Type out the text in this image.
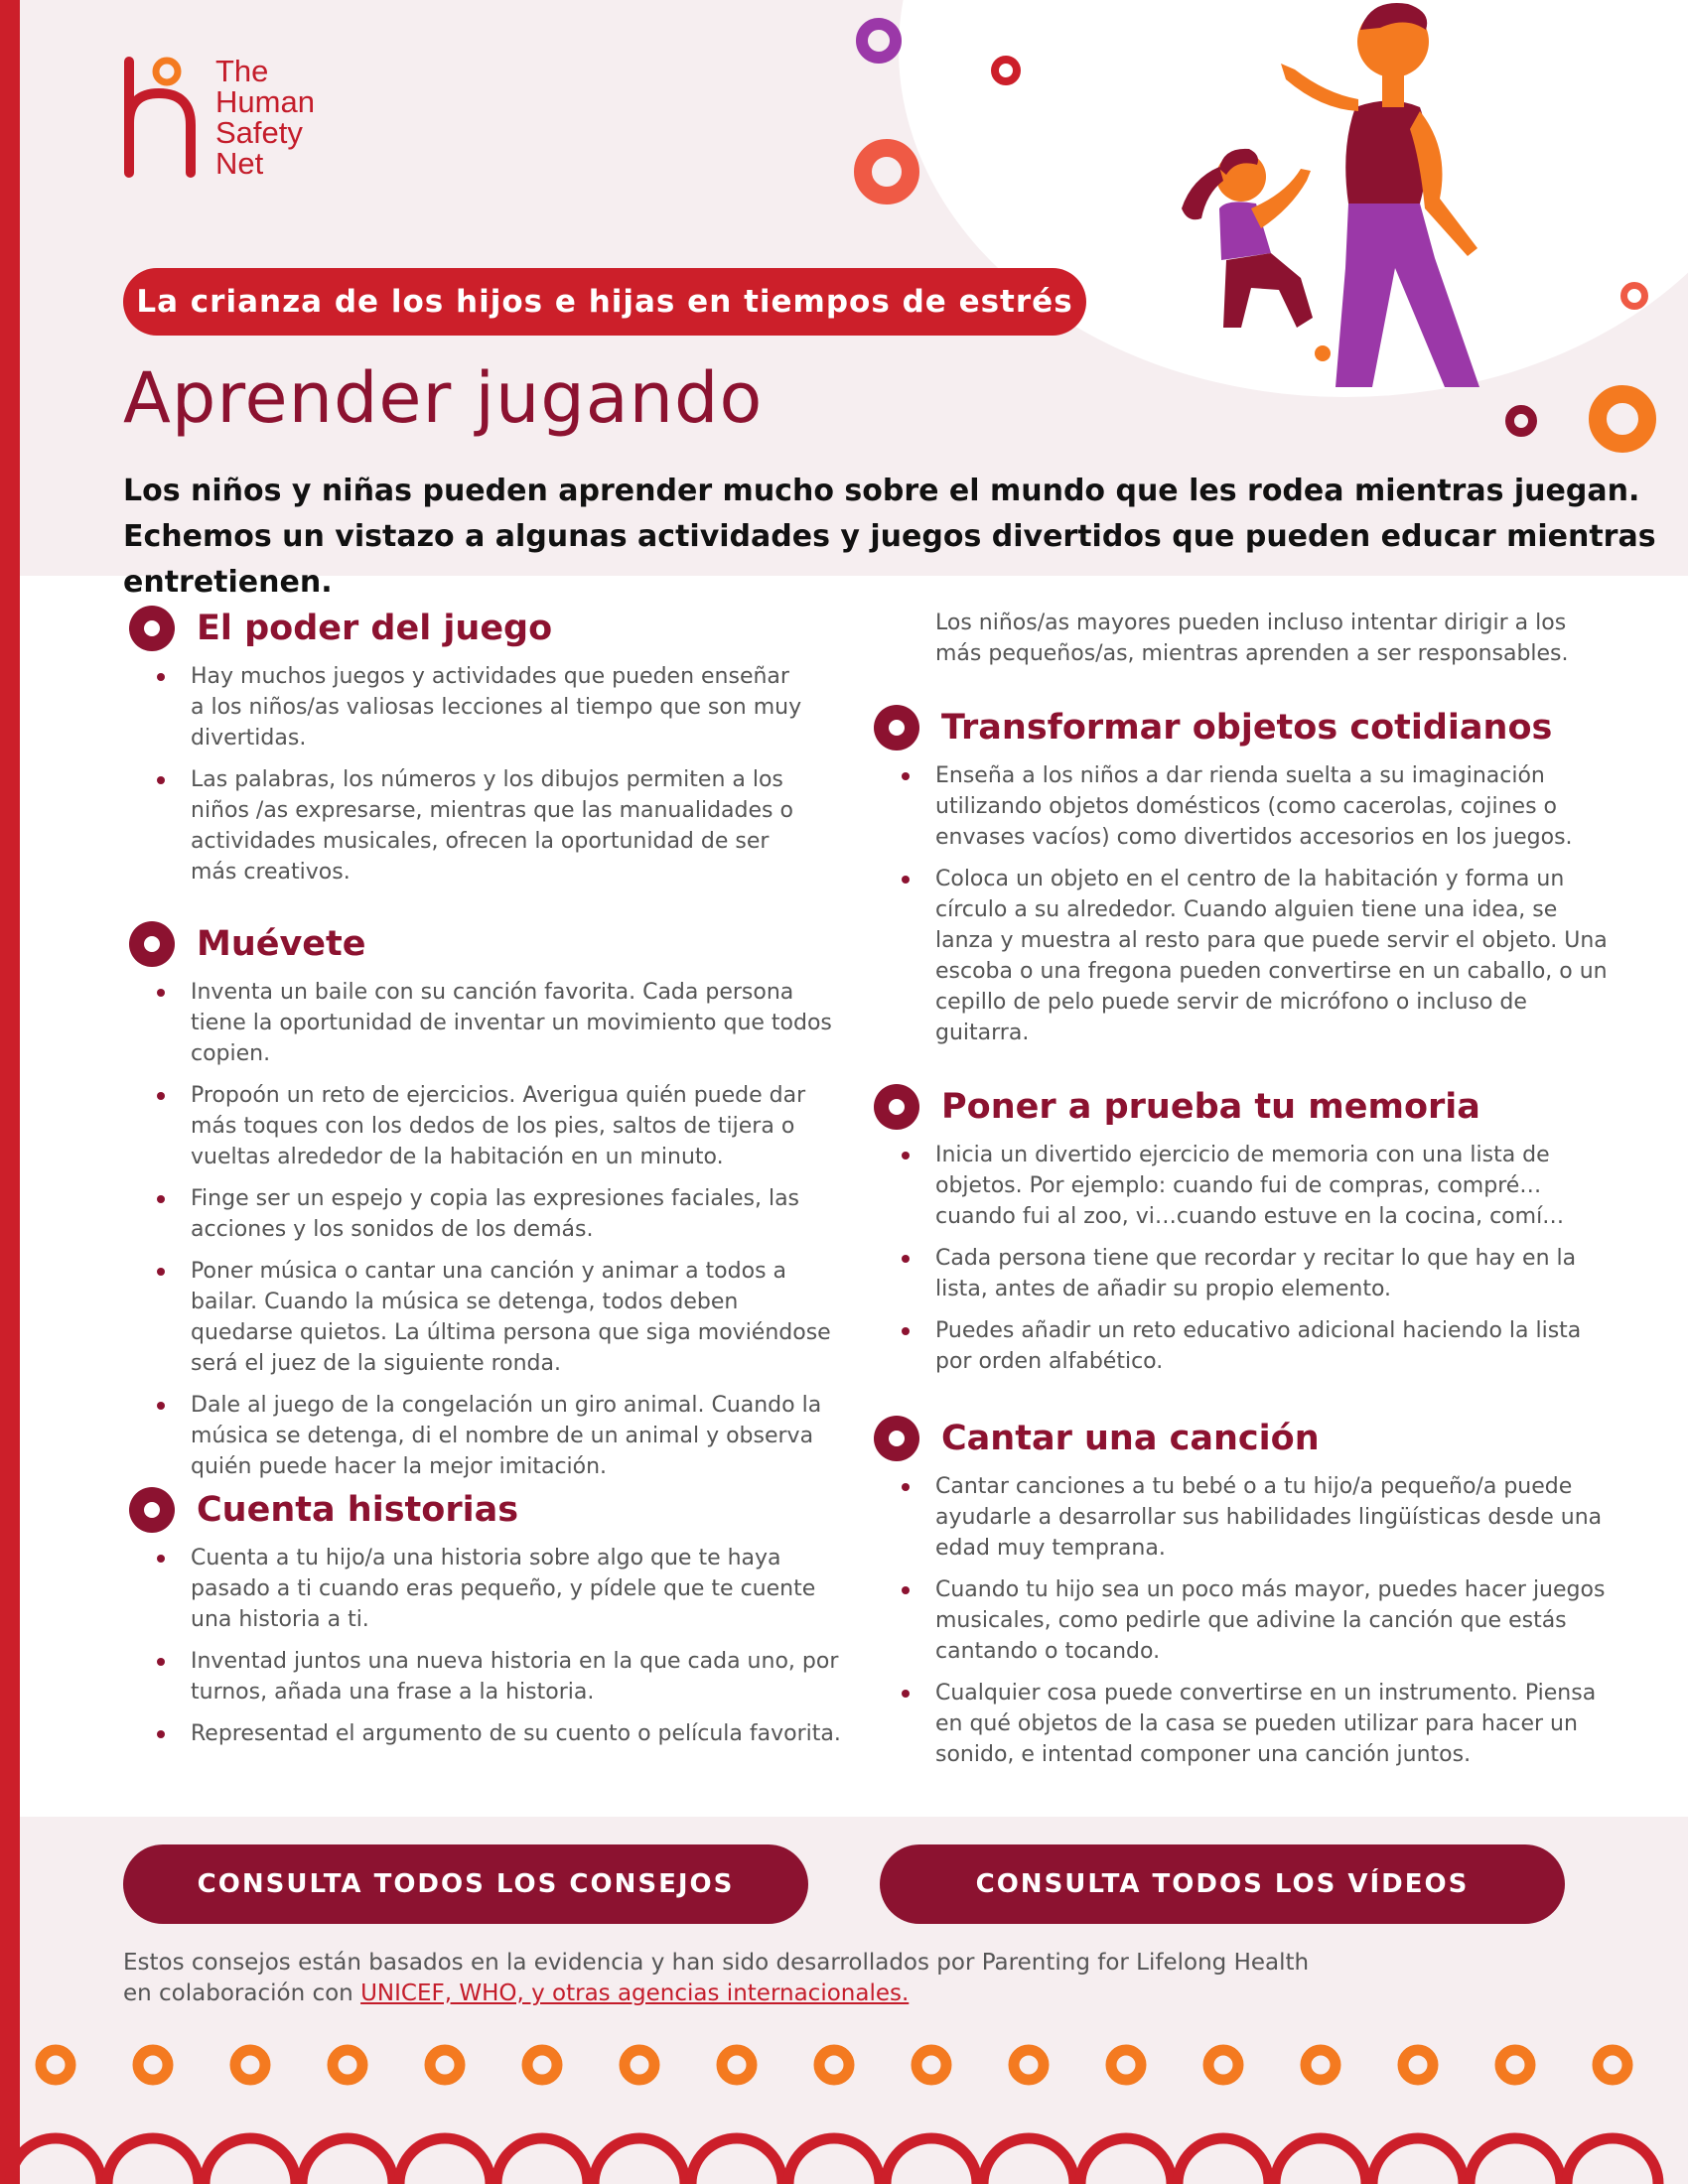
The
Human
Safety
Net
La crianza de los hijos e hijas en tiempos de estrés
Aprender jugando
Los niños y niñas pueden aprender mucho sobre el mundo que les rodea mientras juegan. Echemos un vistazo a algunas actividades y juegos divertidos que pueden educar mientras entretienen.
El poder del juego
Hay muchos juegos y actividades que pueden enseñar a los niños/as valiosas lecciones al tiempo que son muy divertidas.
Las palabras, los números y los dibujos permiten a los niños /as expresarse, mientras que las manualidades o actividades musicales, ofrecen la oportunidad de ser más creativos.
Muévete
Inventa un baile con su canción favorita. Cada persona tiene la oportunidad de inventar un movimiento que todos copien.
Propoón un reto de ejercicios. Averigua quién puede dar más toques con los dedos de los pies, saltos de tijera o vueltas alrededor de la habitación en un minuto.
Finge ser un espejo y copia las expresiones faciales, las acciones y los sonidos de los demás.
Poner música o cantar una canción y animar a todos a bailar. Cuando la música se detenga, todos deben quedarse quietos. La última persona que siga moviéndose será el juez de la siguiente ronda.
Dale al juego de la congelación un giro animal. Cuando la música se detenga, di el nombre de un animal y observa quién puede hacer la mejor imitación.
Cuenta historias
Cuenta a tu hijo/a una historia sobre algo que te haya pasado a ti cuando eras pequeño, y pídele que te cuente una historia a ti.
Inventad juntos una nueva historia en la que cada uno, por turnos, añada una frase a la historia.
Representad el argumento de su cuento o película favorita.
Los niños/as mayores pueden incluso intentar dirigir a los más pequeños/as, mientras aprenden a ser responsables.
Transformar objetos cotidianos
Enseña a los niños a dar rienda suelta a su imaginación utilizando objetos domésticos (como cacerolas, cojines o envases vacíos) como divertidos accesorios en los juegos.
Coloca un objeto en el centro de la habitación y forma un círculo a su alrededor. Cuando alguien tiene una idea, se lanza y muestra al resto para que puede servir el objeto. Una escoba o una fregona pueden convertirse en un caballo, o un cepillo de pelo puede servir de micrófono o incluso de guitarra.
Poner a prueba tu memoria
Inicia un divertido ejercicio de memoria con una lista de objetos. Por ejemplo: cuando fui de compras, compré… cuando fui al zoo, vi…cuando estuve en la cocina, comí…
Cada persona tiene que recordar y recitar lo que hay en la lista, antes de añadir su propio elemento.
Puedes añadir un reto educativo adicional haciendo la lista por orden alfabético.
Cantar una canción
Cantar canciones a tu bebé o a tu hijo/a pequeño/a puede ayudarle a desarrollar sus habilidades lingüísticas desde una edad muy temprana.
Cuando tu hijo sea un poco más mayor, puedes hacer juegos musicales, como pedirle que adivine la canción que estás cantando o tocando.
Cualquier cosa puede convertirse en un instrumento. Piensa en qué objetos de la casa se pueden utilizar para hacer un sonido, e intentad componer una canción juntos.
CONSULTA TODOS LOS CONSEJOS	CONSULTA TODOS LOS VÍDEOS
Estos consejos están basados en la evidencia y han sido desarrollados por Parenting for Lifelong Health
en colaboración con UNICEF, WHO, y otras agencias internacionales.
